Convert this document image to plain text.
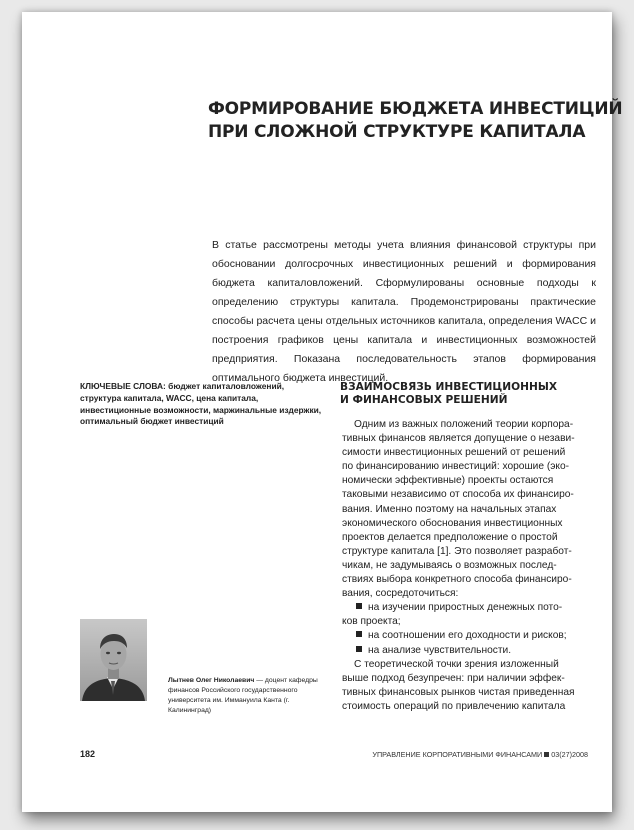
ФОРМИРОВАНИЕ БЮДЖЕТА ИНВЕСТИЦИЙ
ПРИ СЛОЖНОЙ СТРУКТУРЕ КАПИТАЛА

В статье рассмотрены методы учета влияния финансовой структуры при обосновании долгосрочных инвестиционных решений и формирования бюджета капиталовложений. Сформулированы основные подходы к определению структуры капитала. Продемонстрированы практические способы расчета цены отдельных источников капитала, определения WACC и построения графиков цены капитала и инвестиционных возможностей предприятия. Показана последовательность этапов формирования оптимального бюджета инвестиций.

КЛЮЧЕВЫЕ СЛОВА: бюджет капиталовложений, структура капитала, WACC, цена капитала, инвестиционные возможности, маржинальные издержки, оптимальный бюджет инвестиций

ВЗАИМОСВЯЗЬ ИНВЕСТИЦИОННЫХ
И ФИНАНСОВЫХ РЕШЕНИЙ
Одним из важных положений теории корпора-
тивных финансов является допущение о незави-
симости инвестиционных решений от решений
по финансированию инвестиций: хорошие (эко-
номически эффективные) проекты остаются
таковыми независимо от способа их финансиро-
вания. Именно поэтому на начальных этапах
экономического обоснования инвестиционных
проектов делается предположение о простой
структуре капитала [1]. Это позволяет разработ-
чикам, не задумываясь о возможных послед-
ствиях выбора конкретного способа финансиро-
вания, сосредоточиться:
на изучении приростных денежных пото-
ков проекта;
на соотношении его доходности и рисков;
на анализе чувствительности.
С теоретической точки зрения изложенный
выше подход безупречен: при наличии эффек-
тивных финансовых рынков чистая приведенная
стоимость операций по привлечению капитала

Лытнев Олег Николаевич — доцент кафедры финансов Российского государственного университета им. Иммануила Канта (г. Калининград)

182	УПРАВЛЕНИЕ КОРПОРАТИВНЫМИ ФИНАНСАМИ 03(27)2008
